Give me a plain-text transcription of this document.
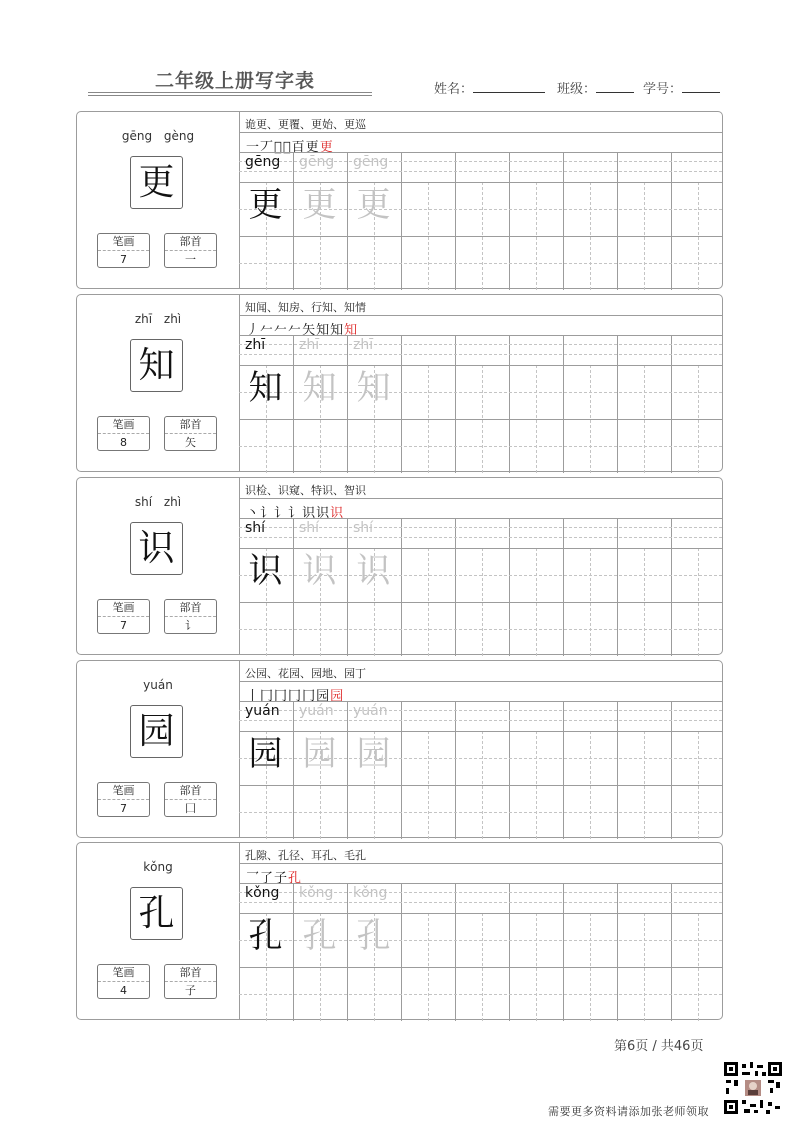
二年级上册写字表	姓名：	班级：	学号：
gēng gèng
更
笔画
7
部首
一
诡更、更覆、更始、更巡
一丆𠀆𠀆百更更
gēng gēng gēng
更 更 更
zhī zhì
知
笔画
8
部首
矢
知闻、知房、行知、知情
丿𠂉𠂉𠂉矢知知知
zhī zhī zhī
知 知 知
shí zhì
识
笔画
7
部首
讠
识检、识窥、特识、智识
丶讠讠讠识识识
shí shí shí
识 识 识
yuán
园
笔画
7
部首
囗
公园、花园、园地、园丁
丨冂冂冂冂园园
yuán yuán yuán
园 园 园
kǒng
孔
笔画
4
部首
子
孔隙、孔径、耳孔、毛孔
乛了子孔
kǒng kǒng kǒng
孔 孔 孔
第6页 / 共46页
需要更多资料请添加张老师领取
